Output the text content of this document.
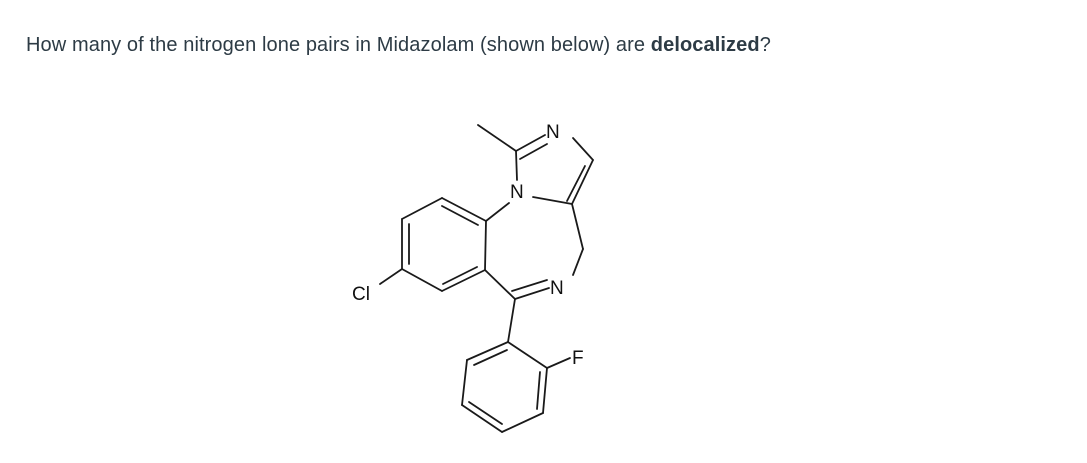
How many of the nitrogen lone pairs in Midazolam (shown below) are delocalized?
N
N
N
Cl
F
